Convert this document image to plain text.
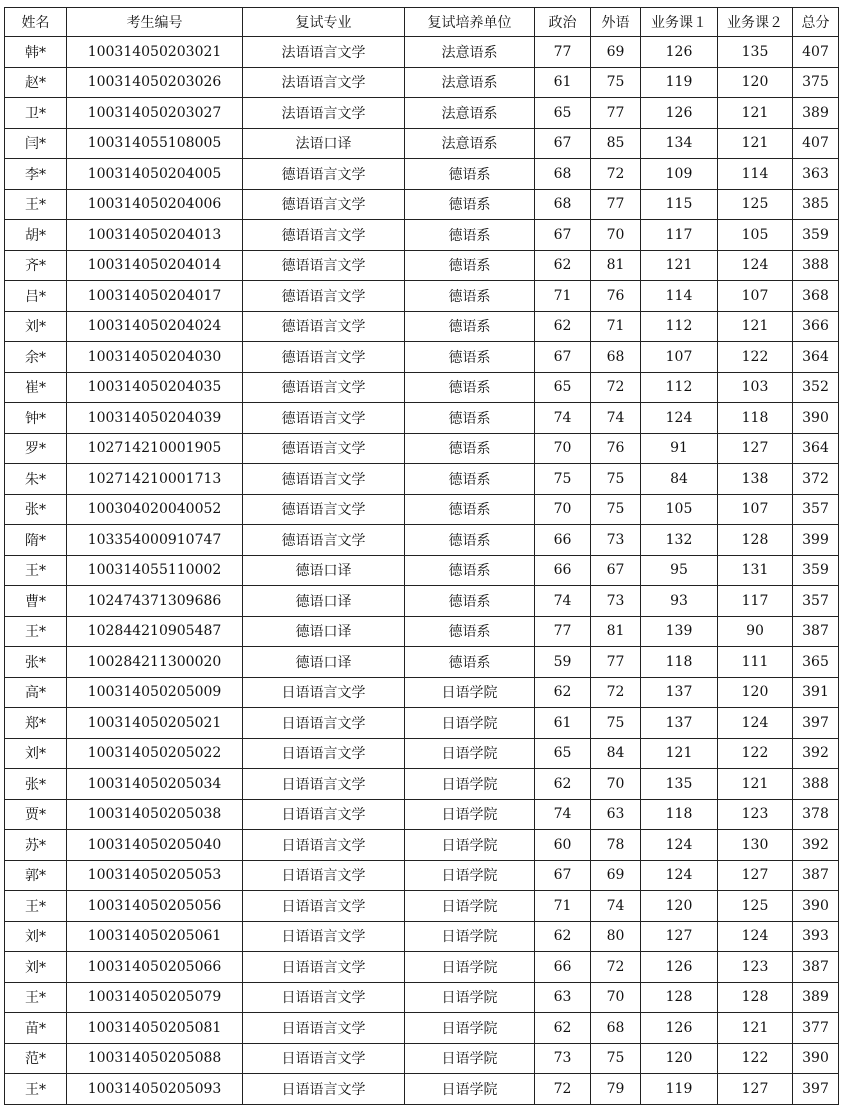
姓名	考生编号	复试专业	复试培养单位	政治	外语	业务课１	业务课２	总分
韩*	100314050203021	法语语言文学	法意语系	77	69	126	135	407
赵*	100314050203026	法语语言文学	法意语系	61	75	119	120	375
卫*	100314050203027	法语语言文学	法意语系	65	77	126	121	389
闫*	100314055108005	法语口译	法意语系	67	85	134	121	407
李*	100314050204005	德语语言文学	德语系	68	72	109	114	363
王*	100314050204006	德语语言文学	德语系	68	77	115	125	385
胡*	100314050204013	德语语言文学	德语系	67	70	117	105	359
齐*	100314050204014	德语语言文学	德语系	62	81	121	124	388
吕*	100314050204017	德语语言文学	德语系	71	76	114	107	368
刘*	100314050204024	德语语言文学	德语系	62	71	112	121	366
余*	100314050204030	德语语言文学	德语系	67	68	107	122	364
崔*	100314050204035	德语语言文学	德语系	65	72	112	103	352
钟*	100314050204039	德语语言文学	德语系	74	74	124	118	390
罗*	102714210001905	德语语言文学	德语系	70	76	91	127	364
朱*	102714210001713	德语语言文学	德语系	75	75	84	138	372
张*	100304020040052	德语语言文学	德语系	70	75	105	107	357
隋*	103354000910747	德语语言文学	德语系	66	73	132	128	399
王*	100314055110002	德语口译	德语系	66	67	95	131	359
曹*	102474371309686	德语口译	德语系	74	73	93	117	357
王*	102844210905487	德语口译	德语系	77	81	139	90	387
张*	100284211300020	德语口译	德语系	59	77	118	111	365
高*	100314050205009	日语语言文学	日语学院	62	72	137	120	391
郑*	100314050205021	日语语言文学	日语学院	61	75	137	124	397
刘*	100314050205022	日语语言文学	日语学院	65	84	121	122	392
张*	100314050205034	日语语言文学	日语学院	62	70	135	121	388
贾*	100314050205038	日语语言文学	日语学院	74	63	118	123	378
苏*	100314050205040	日语语言文学	日语学院	60	78	124	130	392
郭*	100314050205053	日语语言文学	日语学院	67	69	124	127	387
王*	100314050205056	日语语言文学	日语学院	71	74	120	125	390
刘*	100314050205061	日语语言文学	日语学院	62	80	127	124	393
刘*	100314050205066	日语语言文学	日语学院	66	72	126	123	387
王*	100314050205079	日语语言文学	日语学院	63	70	128	128	389
苗*	100314050205081	日语语言文学	日语学院	62	68	126	121	377
范*	100314050205088	日语语言文学	日语学院	73	75	120	122	390
王*	100314050205093	日语语言文学	日语学院	72	79	119	127	397
